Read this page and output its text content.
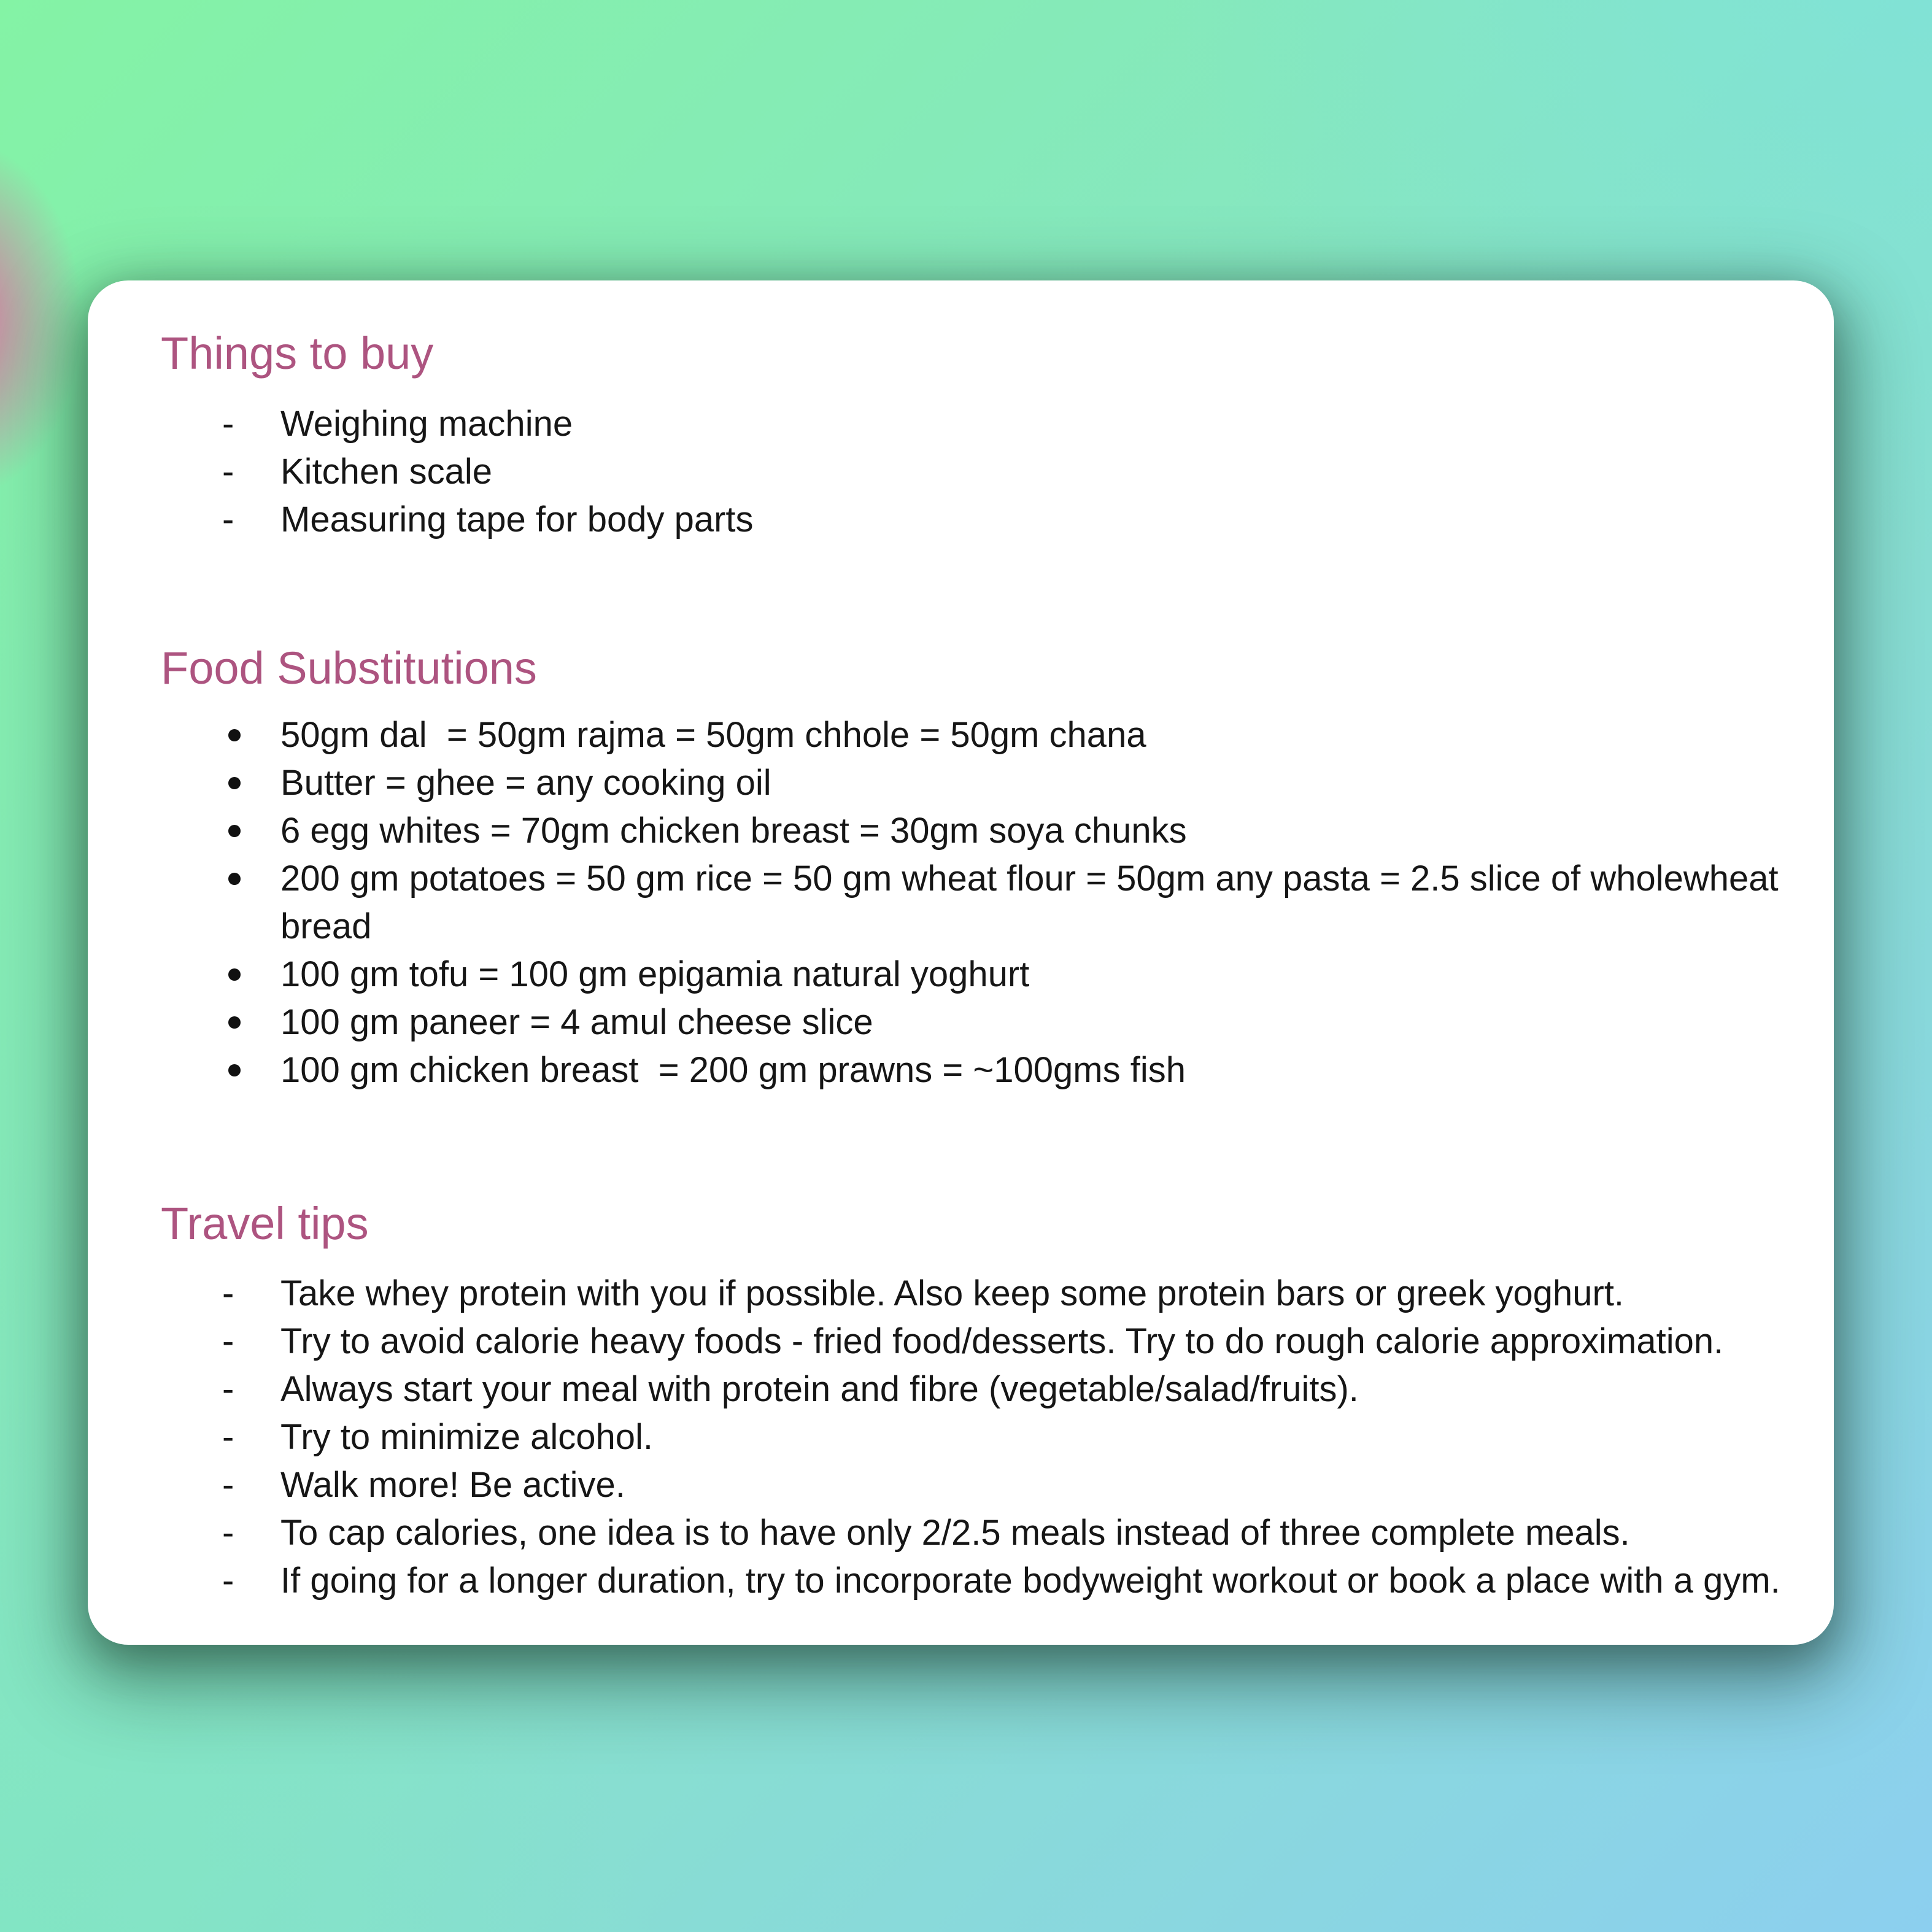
Things to buy
- Weighing machine
- Kitchen scale
- Measuring tape for body parts
Food Substitutions
50gm dal  = 50gm rajma = 50gm chhole = 50gm chana
Butter = ghee = any cooking oil
6 egg whites = 70gm chicken breast = 30gm soya chunks
200 gm potatoes = 50 gm rice = 50 gm wheat flour = 50gm any pasta = 2.5 slice of wholewheat
bread
100 gm tofu = 100 gm epigamia natural yoghurt
100 gm paneer = 4 amul cheese slice
100 gm chicken breast  = 200 gm prawns = ~100gms fish
Travel tips
- Take whey protein with you if possible. Also keep some protein bars or greek yoghurt.
- Try to avoid calorie heavy foods - fried food/desserts. Try to do rough calorie approximation.
- Always start your meal with protein and fibre (vegetable/salad/fruits).
- Try to minimize alcohol.
- Walk more! Be active.
- To cap calories, one idea is to have only 2/2.5 meals instead of three complete meals.
- If going for a longer duration, try to incorporate bodyweight workout or book a place with a gym.
